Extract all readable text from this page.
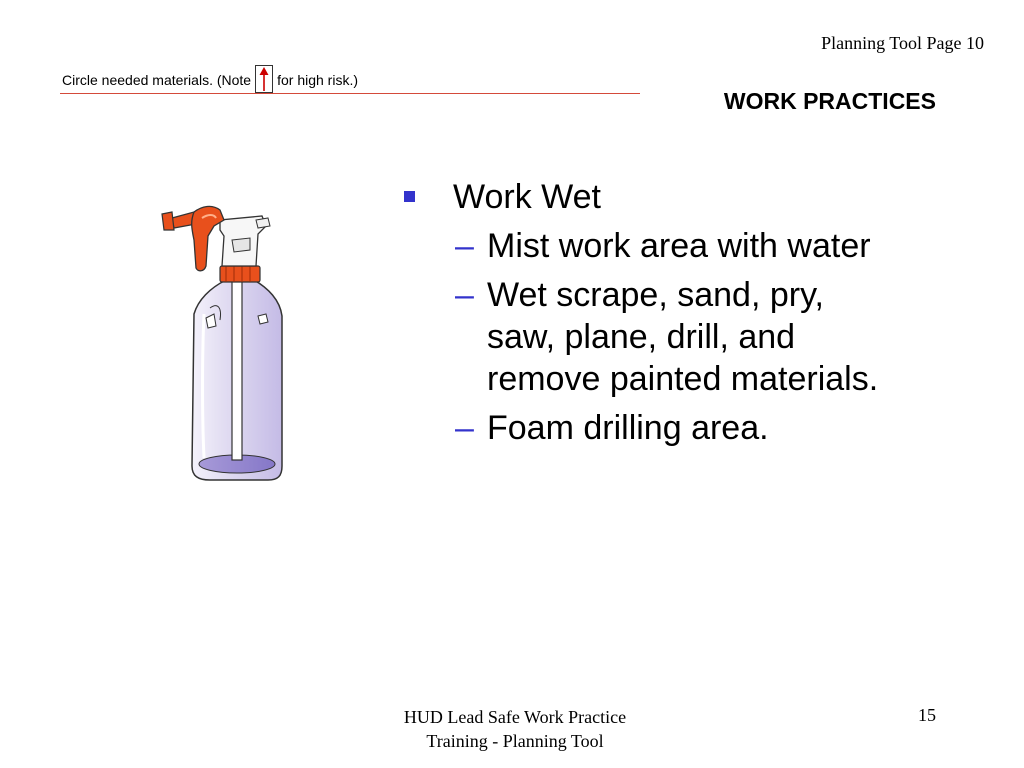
Planning Tool Page 10
Circle needed materials. (Note for high risk.)
WORK PRACTICES
Work Wet
– Mist work area with water
– Wet scrape, sand, pry, saw, plane, drill, and remove painted materials.
– Foam drilling area.
HUD Lead Safe Work Practice
Training - Planning Tool
15
